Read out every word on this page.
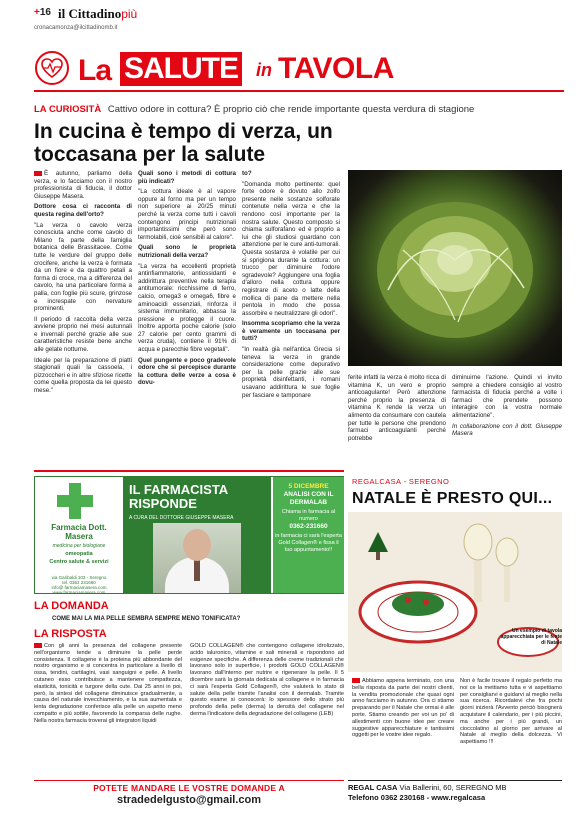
+16 il Cittadinopiù
cronacamonza@ilcittadinomb.it
La SALUTE in TAVOLA
LA CURIOSITÀ Cattivo odore in cottura? È proprio ciò che rende importante questa verdura di stagione
In cucina è tempo di verza, un toccasana per la salute

È autunno, parliamo della verza, e lo facciamo con il nostro professionista di fiducia, il dottor Giuseppe Masera.

Dottore cosa ci racconta di questa regina dell'orto?

"La verza o cavolo verza conosciuta anche come cavolo di Milano fa parte della famiglia botanica delle Brassitacee. Come tutte le verdure del gruppo delle crocifere, anche la verza è formata da un fiore e da quattro petali a forma di croce, ma a differenza del cavolo, ha una particolare forma a palla, con foglie più scure, grinzose e increspate con nervature prominenti.

Il periodo di raccolta della verza avviene proprio nei mesi autunnali e invernali perché grazie alle sue caratteristiche resiste bene anche alle gelate notturne.

Ideale per la preparazione di piatti stagionali quali la cassoela, i pizzoccheri e in altre sfiziose ricette come quella proposta da lei questo mese."

Quali sono i metodi di cottura più indicati?

"La cottura ideale è al vapore oppure al forno ma per un tempo non superiore ai 20/25 minuti perché la verza come tutti i cavoli contengono principi nutrizionali importantissimi che però sono termolabili, cioè sensibili al calore".

Quali sono le proprietà nutrizionali della verza?

"La verza ha eccellenti proprietà antinfiammatorie, antiossidanti e addirittura preventive nella terapia antitumorale: ricchissime di ferro, calcio, omega3 e omega6, fibre e aminoacidi essenziali, rinforza il sistema immunitario, abbassa la pressione e protegge il cuore. Inoltre apporta poche calorie (solo 27 calorie per cento grammi di verza cruda), contiene il 91% di acqua e parecchie fibre vegetali".

Quel pungente e poco gradevole odore che si percepisce durante la cottura delle verze a cosa è dovu-

to?

"Domanda molto pertinente: quel forte odore è dovuto allo zolfo presente nelle sostanze solforate contenute nella verza e che la rendono così importante per la nostra salute. Questo composto si chiama sulforafano ed è proprio a lui che gli studiosi guardano con attenzione per le cure anti-tumorali. Questa sostanza è volatile per cui si sprigiona durante la cottura: un trucco per diminuire l'odore sgradevole? Aggiungere una foglia d'alloro nella cottura oppure registrare di aceto o latte della mollica di pane da mettere nella pentola in modo che possa assorbire e neutralizzare gli odori".

Insomma scopriamo che la verza è veramente un toccasana per tutti?

"In realtà già nell'antica Grecia si teneva la verza in grande considerazione come depurativo per la pelle grazie alle sue proprietà disinfettanti, i romani usavano addirittura le sue foglie per fasciare e tamponare

ferite infatti la verza è molto ricca di vitamina K, un vero e proprio anticoagulante! Però attenzione perché proprio la presenza di vitamina K rende la verza un alimento da consumare con cautela per tutte le persone che prendono farmaci anticoagulanti perché potrebbe

diminuirne l'azione. Quindi vi invito sempre a chiedere consiglio al vostro farmacista di fiducia perché a volte i farmaci che prendete possono interagire con la vostra normale alimentazione".

In collaborazione con il dott. Giuseppe Masera

Farmacia Dott. Masera
medicina per biologiane
omeopatia
Centro salute & servizi
via Garibaldi 103 - Seregno
tel. 0362 231660
info@ farmaciamasera.com
www.farmaciamasera.com
IL FARMACISTA RISPONDE
A CURA DEL DOTTORE GIUSEPPE MASERA
5 DICEMBRE
ANALISI CON IL DERMALAB
Chiama in farmacia al numero
0362-231660
in farmacia ci sarà l'esperta Gold Collagen® e fissa il tuo appuntamento!!
LA DOMANDA
COME MAI LA MIA PELLE SEMBRA SEMPRE MENO TONIFICATA?
LA RISPOSTA
Con gli anni la presenza del collagene presente nell'organismo tende a diminuire la pelle perde consistenza. Il collagene è la proteina più abbondante del nostro organismo e si concentra in particolare a livello di ossa, tendini, cartilagini, vasi sanguigni e pelle. A livello cutaneo esso contribuisce a mantenere compattezza, elasticità, tonicità e turgore della cute. Dai 25 anni in poi, però, la sintesi del collagene diminuisce gradualmente, a causa del naturale invecchiamento, e la sua aumentata e lenta degradazione conferisce alla pelle un aspetto meno compatto e più sottile, favorendo la comparsa delle rughe. Nella nostra farmacia troverai gli integratori liquidi
GOLD COLLAGEN® che contengono collagene idrolizzato, acido ialuronico, vitamine e sali minerali e rispondono ad esigenze specifiche. A differenza delle creme tradizionali che lavorano solo in superficie, i prodotti GOLD COLLAGEN® lavorano dall'interno per nutrire e rigenerare la pelle. Il 5 dicembre sarà la giornata dedicata al collagene e in farmacia ci sarà l'esperta Gold Collagen®, che valuterà lo stato di salute della pelle tramite l'analisi con il dermalab. Tramite questo esame si conoscerà: lo spessore dello strato più profondo della pelle (derma) la densità del collagene nel derma l'indicatore della degradazione del collagene (LEB)
POTETE MANDARE LE VOSTRE DOMANDE A
stradedelgusto@gmail.com
REGALCASA - SEREGNO
NATALE È PRESTO QUI...
Un esempio di tavola apparecchiata per le feste di Natale
Abbiamo appena terminato, con una bella risposta da parte dei nostri clienti, la vendita promozionale che quasi ogni anno facciamo in autunno. Ora ci stiamo preparando per il Natale che ormai è alle porte. Stiamo creando per voi un po' di allestimenti con buone idee per creare suggestive apparecchiature e tantissimi oggetti per le vostre idee regalo.
Non è facile trovare il regalo perfetto ma noi ce la mettiamo tutta e vi aspettiamo per consigliarvi e guidarvi al meglio nella sua ricerca. Ricordatevi che fra pochi giorni inizierà l'Avvento perciò bisognerà acquistare il calendario, per i più piccini, ma anche per i più grandi, un cioccolatino al giorno per arrivare al Natale al meglio della dolcezza. Vi aspettiamo !!!
REGAL CASA Via Ballerini, 60, SEREGNO MB
Telefono 0362 230168 - www.regalcasa
